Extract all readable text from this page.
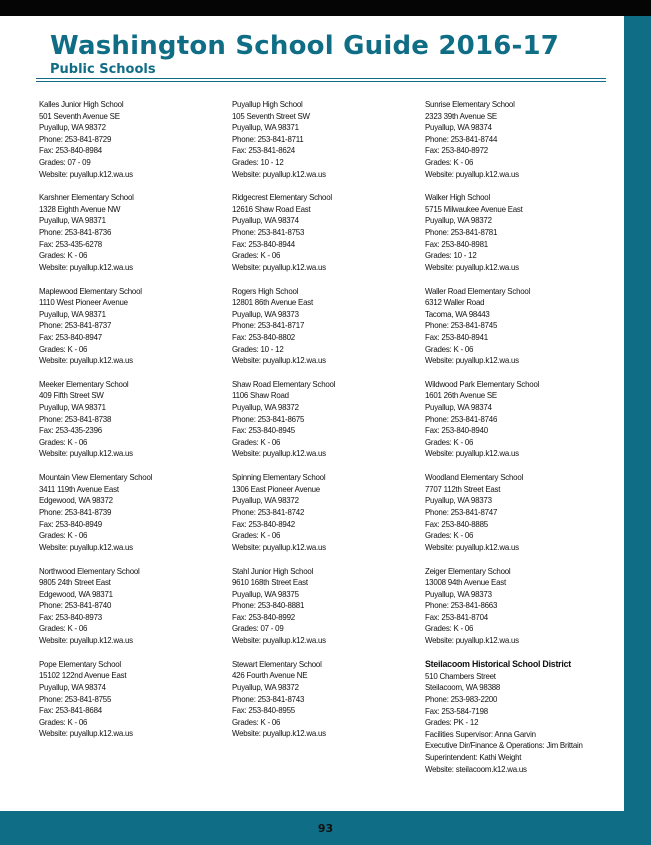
Washington School Guide 2016-17
Public Schools
Kalles Junior High School
501 Seventh Avenue SE
Puyallup, WA 98372
Phone: 253-841-8729
Fax: 253-840-8984
Grades: 07 - 09
Website: puyallup.k12.wa.us
Karshner Elementary School
1328 Eighth Avenue NW
Puyallup, WA 98371
Phone: 253-841-8736
Fax: 253-435-6278
Grades: K - 06
Website: puyallup.k12.wa.us
Maplewood Elementary School
1110 West Pioneer Avenue
Puyallup, WA 98371
Phone: 253-841-8737
Fax: 253-840-8947
Grades: K - 06
Website: puyallup.k12.wa.us
Meeker Elementary School
409 Fifth Street SW
Puyallup, WA 98371
Phone: 253-841-8738
Fax: 253-435-2396
Grades: K - 06
Website: puyallup.k12.wa.us
Mountain View Elementary School
3411 119th Avenue East
Edgewood, WA 98372
Phone: 253-841-8739
Fax: 253-840-8949
Grades: K - 06
Website: puyallup.k12.wa.us
Northwood Elementary School
9805 24th Street East
Edgewood, WA 98371
Phone: 253-841-8740
Fax: 253-840-8973
Grades: K - 06
Website: puyallup.k12.wa.us
Pope Elementary School
15102 122nd Avenue East
Puyallup, WA 98374
Phone: 253-841-8755
Fax: 253-841-8684
Grades: K - 06
Website: puyallup.k12.wa.us
Puyallup High School
105 Seventh Street SW
Puyallup, WA 98371
Phone: 253-841-8711
Fax: 253-841-8624
Grades: 10 - 12
Website: puyallup.k12.wa.us
Ridgecrest Elementary School
12616 Shaw Road East
Puyallup, WA 98374
Phone: 253-841-8753
Fax: 253-840-8944
Grades: K - 06
Website: puyallup.k12.wa.us
Rogers High School
12801 86th Avenue East
Puyallup, WA 98373
Phone: 253-841-8717
Fax: 253-840-8802
Grades: 10 - 12
Website: puyallup.k12.wa.us
Shaw Road Elementary School
1106 Shaw Road
Puyallup, WA 98372
Phone: 253-841-8675
Fax: 253-840-8945
Grades: K - 06
Website: puyallup.k12.wa.us
Spinning Elementary School
1306 East Pioneer Avenue
Puyallup, WA 98372
Phone: 253-841-8742
Fax: 253-840-8942
Grades: K - 06
Website: puyallup.k12.wa.us
Stahl Junior High School
9610 168th Street East
Puyallup, WA 98375
Phone: 253-840-8881
Fax: 253-840-8992
Grades: 07 - 09
Website: puyallup.k12.wa.us
Stewart Elementary School
426 Fourth Avenue NE
Puyallup, WA 98372
Phone: 253-841-8743
Fax: 253-840-8955
Grades: K - 06
Website: puyallup.k12.wa.us
Sunrise Elementary School
2323 39th Avenue SE
Puyallup, WA 98374
Phone: 253-841-8744
Fax: 253-840-8972
Grades: K - 06
Website: puyallup.k12.wa.us
Walker High School
5715 Milwaukee Avenue East
Puyallup, WA 98372
Phone: 253-841-8781
Fax: 253-840-8981
Grades: 10 - 12
Website: puyallup.k12.wa.us
Waller Road Elementary School
6312 Waller Road
Tacoma, WA 98443
Phone: 253-841-8745
Fax: 253-840-8941
Grades: K - 06
Website: puyallup.k12.wa.us
Wildwood Park Elementary School
1601 26th Avenue SE
Puyallup, WA 98374
Phone: 253-841-8746
Fax: 253-840-8940
Grades: K - 06
Website: puyallup.k12.wa.us
Woodland Elementary School
7707 112th Street East
Puyallup, WA 98373
Phone: 253-841-8747
Fax: 253-840-8885
Grades: K - 06
Website: puyallup.k12.wa.us
Zeiger Elementary School
13008 94th Avenue East
Puyallup, WA 98373
Phone: 253-841-8663
Fax: 253-841-8704
Grades: K - 06
Website: puyallup.k12.wa.us
Steilacoom Historical School District
510 Chambers Street
Steilacoom, WA 98388
Phone: 253-983-2200
Fax: 253-584-7198
Grades: PK - 12
Facilities Supervisor: Anna Garvin
Executive Dir/Finance & Operations: Jim Brittain
Superintendent: Kathi Weight
Website: steilacoom.k12.wa.us
93
